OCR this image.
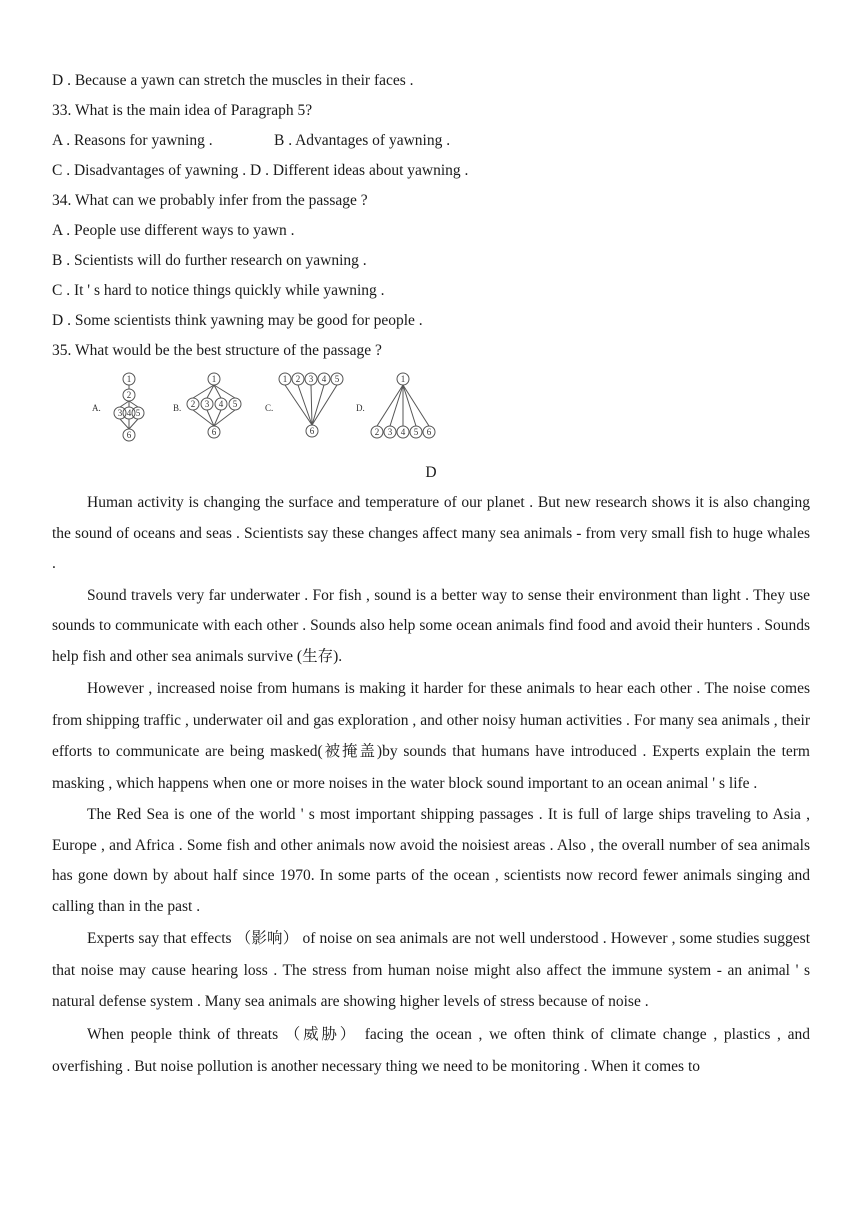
D . Because a yawn can stretch the muscles in their faces .
33. What is the main idea of Paragraph 5?
A . Reasons for yawning .	B . Advantages of yawning .
C . Disadvantages of yawning . D . Different ideas about yawning .
34. What can we probably infer from the passage ?
A . People use different ways to yawn .
B . Scientists will do further research on yawning .
C . It ' s hard to notice things quickly while yawning .
D . Some scientists think yawning may be good for people .
35. What would be the best structure of the passage ?
A.
1
2
3 4 5
6
B.
1
2 3 4 5
6
C.
1 2 3 4 5
6
D.
1
2 3 4 5 6
D

Human activity is changing the surface and temperature of our planet . But new research shows it is also changing the sound of oceans and seas . Scientists say these changes affect many sea animals - from very small fish to huge whales .

Sound travels very far underwater . For fish , sound is a better way to sense their environment than light . They use sounds to communicate with each other . Sounds also help some ocean animals find food and avoid their hunters . Sounds help fish and other sea animals survive (生存).

However , increased noise from humans is making it harder for these animals to hear each other . The noise comes from shipping traffic , underwater oil and gas exploration , and other noisy human activities . For many sea animals , their efforts to communicate are being masked(被掩盖)by sounds that humans have introduced . Experts explain the term masking , which happens when one or more noises in the water block sound important to an ocean animal ' s life .

The Red Sea is one of the world ' s most important shipping passages . It is full of large ships traveling to Asia , Europe , and Africa . Some fish and other animals now avoid the noisiest areas . Also , the overall number of sea animals has gone down by about half since 1970. In some parts of the ocean , scientists now record fewer animals singing and calling than in the past .

Experts say that effects （影响） of noise on sea animals are not well understood . However , some studies suggest that noise may cause hearing loss . The stress from human noise might also affect the immune system - an animal ' s natural defense system . Many sea animals are showing higher levels of stress because of noise .

When people think of threats （威胁） facing the ocean , we often think of climate change , plastics , and overfishing . But noise pollution is another necessary thing we need to be monitoring . When it comes to
